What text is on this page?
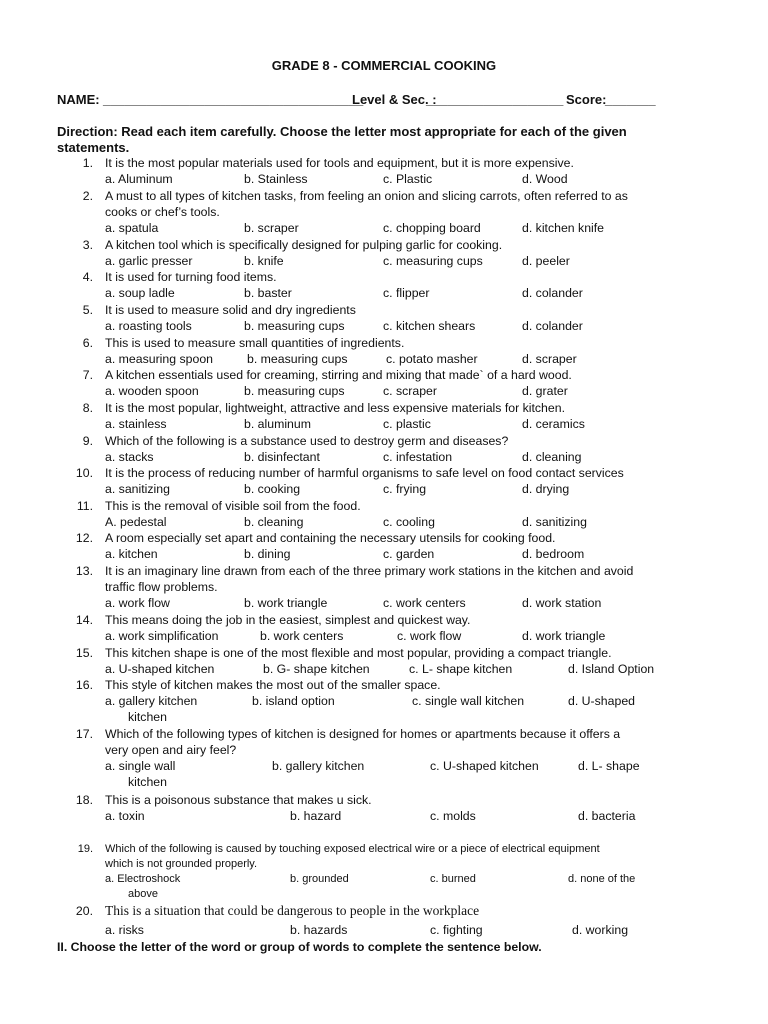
GRADE 8 - COMMERCIAL COOKING
NAME: ____________________________________
Level & Sec. :
___________________ Score:
_______
Direction: Read each item carefully. Choose the letter most appropriate for each of the given statements.
1. It is the most popular materials used for tools and equipment, but it is more expensive.
a. Aluminum	b. Stainless	c. Plastic	d. Wood
2. A must to all types of kitchen tasks, from feeling an onion and slicing carrots, often referred to as
cooks or chef’s tools.
a. spatula	b. scraper	c. chopping board	d. kitchen knife
3. A kitchen tool which is specifically designed for pulping garlic for cooking.
a. garlic presser	b. knife	c. measuring cups	d. peeler
4. It is used for turning food items.
a. soup ladle	b. baster	c. flipper	d. colander
5. It is used to measure solid and dry ingredients
a. roasting tools	b. measuring cups	c. kitchen shears	d. colander
6. This is used to measure small quantities of ingredients.
a. measuring spoon	b. measuring cups	c. potato masher	d. scraper
7. A kitchen essentials used for creaming, stirring and mixing that made` of a hard wood.
a. wooden spoon	b. measuring cups	c. scraper	d. grater
8. It is the most popular, lightweight, attractive and less expensive materials for kitchen.
a. stainless	b. aluminum	c. plastic	d. ceramics
9. Which of the following is a substance used to destroy germ and diseases?
a. stacks	b. disinfectant	c. infestation	d. cleaning
10. It is the process of reducing number of harmful organisms to safe level on food contact services
a. sanitizing	b. cooking	c. frying	d. drying
11. This is the removal of visible soil from the food.
A. pedestal	b. cleaning	c. cooling	d. sanitizing
12. A room especially set apart and containing the necessary utensils for cooking food.
a. kitchen	b. dining	c. garden	d. bedroom
13. It is an imaginary line drawn from each of the three primary work stations in the kitchen and avoid
traffic flow problems.
a. work flow	b. work triangle	c. work centers	d. work station
14. This means doing the job in the easiest, simplest and quickest way.
a. work simplification	b. work centers	c. work flow	d. work triangle
15. This kitchen shape is one of the most flexible and most popular, providing a compact triangle.
a. U-shaped kitchen	b. G- shape kitchen	c. L- shape kitchen	d. Island Option
16. This style of kitchen makes the most out of the smaller space.
a. gallery kitchen	b. island option	c. single wall kitchen	d. U-shaped
kitchen
17. Which of the following types of kitchen is designed for homes or apartments because it offers a
very open and airy feel?
a. single wall	b. gallery kitchen	c. U-shaped kitchen	d. L- shape
kitchen
18. This is a poisonous substance that makes u sick.
a. toxin	b. hazard	c. molds	d. bacteria
19. Which of the following is caused by touching exposed electrical wire or a piece of electrical equipment
which is not grounded properly.
a. Electroshock	b. grounded	c. burned	d. none of the
above
20. This is a situation that could be dangerous to people in the workplace
a. risks	b. hazards	c. fighting	d. working
II. Choose the letter of the word or group of words to complete the sentence below.
